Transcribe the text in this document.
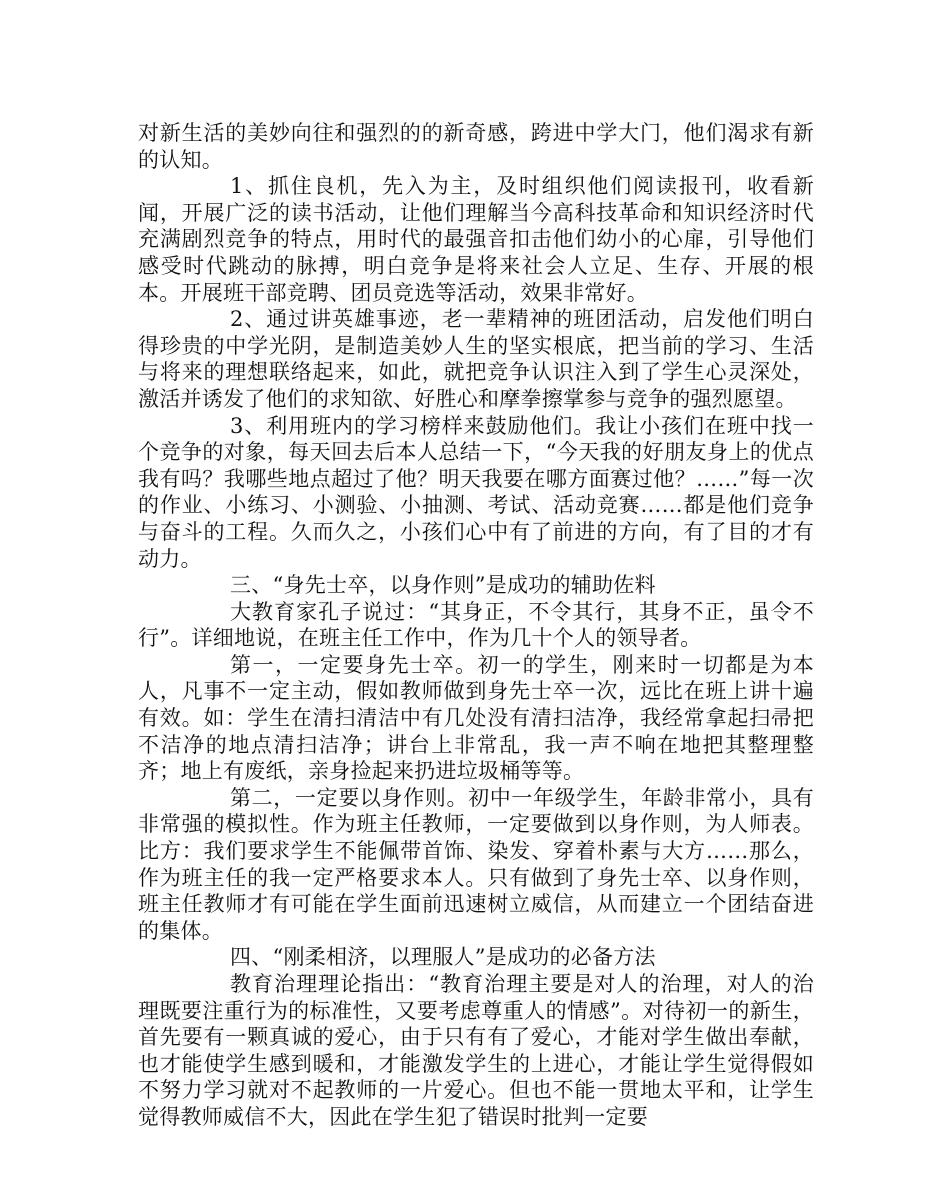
对新生活的美妙向往和强烈的的新奇感，跨进中学大门，他们渴求有新的认知。

1、抓住良机，先入为主，及时组织他们阅读报刊，收看新闻，开展广泛的读书活动，让他们理解当今高科技革命和知识经济时代充满剧烈竞争的特点，用时代的最强音扣击他们幼小的心扉，引导他们感受时代跳动的脉搏，明白竞争是将来社会人立足、生存、开展的根本。开展班干部竞聘、团员竞选等活动，效果非常好。

2、通过讲英雄事迹，老一辈精神的班团活动，启发他们明白得珍贵的中学光阴，是制造美妙人生的坚实根底，把当前的学习、生活与将来的理想联络起来，如此，就把竞争认识注入到了学生心灵深处，激活并诱发了他们的求知欲、好胜心和摩拳擦掌参与竞争的强烈愿望。

3、利用班内的学习榜样来鼓励他们。我让小孩们在班中找一个竞争的对象，每天回去后本人总结一下，“今天我的好朋友身上的优点我有吗？我哪些地点超过了他？明天我要在哪方面赛过他？……”每一次的作业、小练习、小测验、小抽测、考试、活动竞赛……都是他们竞争与奋斗的工程。久而久之，小孩们心中有了前进的方向，有了目的才有动力。

三、“身先士卒，以身作则”是成功的辅助佐料

大教育家孔子说过：“其身正，不令其行，其身不正，虽令不行”。详细地说，在班主任工作中，作为几十个人的领导者。

第一，一定要身先士卒。初一的学生，刚来时一切都是为本人，凡事不一定主动，假如教师做到身先士卒一次，远比在班上讲十遍有效。如：学生在清扫清洁中有几处没有清扫洁净，我经常拿起扫帚把不洁净的地点清扫洁净；讲台上非常乱，我一声不响在地把其整理整齐；地上有废纸，亲身捡起来扔进垃圾桶等等。

第二，一定要以身作则。初中一年级学生，年龄非常小，具有非常强的模拟性。作为班主任教师，一定要做到以身作则，为人师表。比方：我们要求学生不能佩带首饰、染发、穿着朴素与大方……那么，作为班主任的我一定严格要求本人。只有做到了身先士卒、以身作则，班主任教师才有可能在学生面前迅速树立威信，从而建立一个团结奋进的集体。

四、“刚柔相济，以理服人”是成功的必备方法

教育治理理论指出：“教育治理主要是对人的治理，对人的治理既要注重行为的标准性，又要考虑尊重人的情感”。对待初一的新生，首先要有一颗真诚的爱心，由于只有有了爱心，才能对学生做出奉献，也才能使学生感到暖和，才能激发学生的上进心，才能让学生觉得假如不努力学习就对不起教师的一片爱心。但也不能一贯地太平和，让学生觉得教师威信不大，因此在学生犯了错误时批判一定要
